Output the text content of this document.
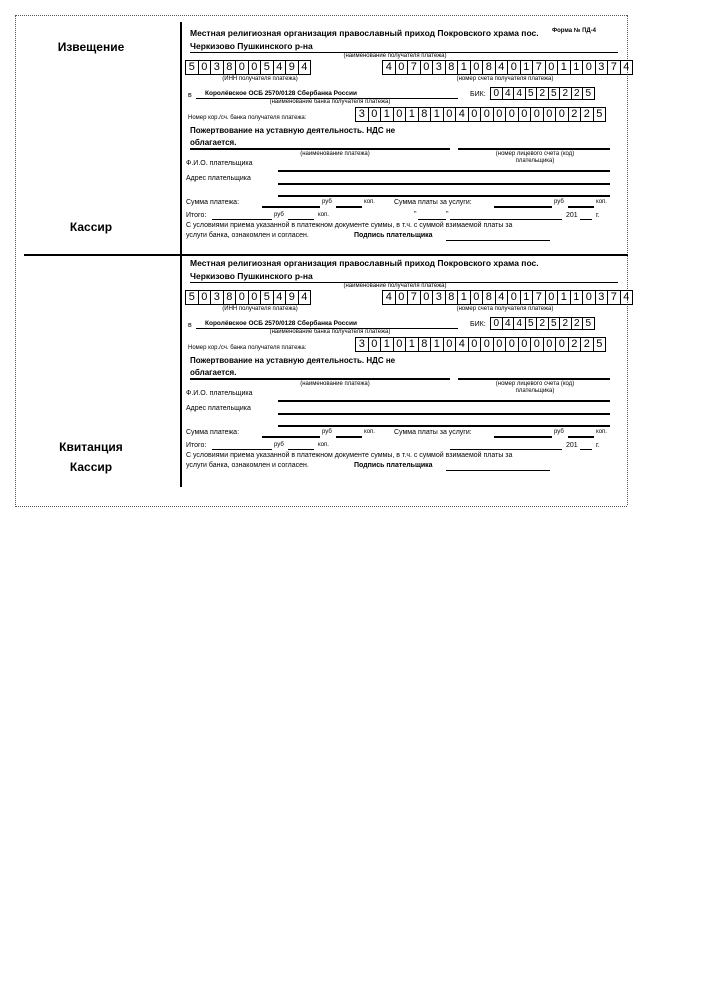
Извещение
Кассир
Квитанция
Кассир
Форма № ПД-4
Местная религиозная организация православный приход Покровского храма пос.
Черкизово Пушкинского р-на
(наименование получателя платежа)
5 0 3 8 0 0 5 4 9 4
(ИНН получателя платежа)
4 0 7 0 3 8 1 0 8 4 0 1 7 0 1 1 0 3 7 4
(номер счета получателя платежа)
в Королёвское ОСБ 2570/0128 Сбербанка России
(наименование банка получателя платежа)
БИК: 0 4 4 5 2 5 2 2 5
Номер кор./сч. банка получателя платежа:	3 0 1 0 1 8 1 0 4 0 0 0 0 0 0 0 0 2 2 5
Пожертвование на уставную деятельность. НДС не
облагается.
(наименование платежа)	(номер лицевого счета (код)
плательщика)
Ф.И.О. плательщика
Адрес плательщика
Сумма платежа:	руб	коп.	Сумма платы за услуги:	руб	коп.
Итого:	руб	коп.	"	"	201	г.
С условиями приема указанной в платежном документе суммы, в т.ч. с суммой взимаемой платы за
услуги банка, ознакомлен и согласен.	Подпись плательщика
Местная религиозная организация православный приход Покровского храма пос.
Черкизово Пушкинского р-на
(наименование получателя платежа)
5 0 3 8 0 0 5 4 9 4
(ИНН получателя платежа)
4 0 7 0 3 8 1 0 8 4 0 1 7 0 1 1 0 3 7 4
(номер счета получателя платежа)
в Королёвское ОСБ 2570/0128 Сбербанка России
(наименование банка получателя платежа)
БИК: 0 4 4 5 2 5 2 2 5
Номер кор./сч. банка получателя платежа:	3 0 1 0 1 8 1 0 4 0 0 0 0 0 0 0 0 2 2 5
Пожертвование на уставную деятельность. НДС не
облагается.
(наименование платежа)	(номер лицевого счета (код)
плательщика)
Ф.И.О. плательщика
Адрес плательщика
Сумма платежа:	руб	коп.	Сумма платы за услуги:	руб	коп.
Итого:	руб	коп.	201	г.
С условиями приема указанной в платежном документе суммы, в т.ч. с суммой взимаемой платы за
услуги банка, ознакомлен и согласен.	Подпись плательщика
